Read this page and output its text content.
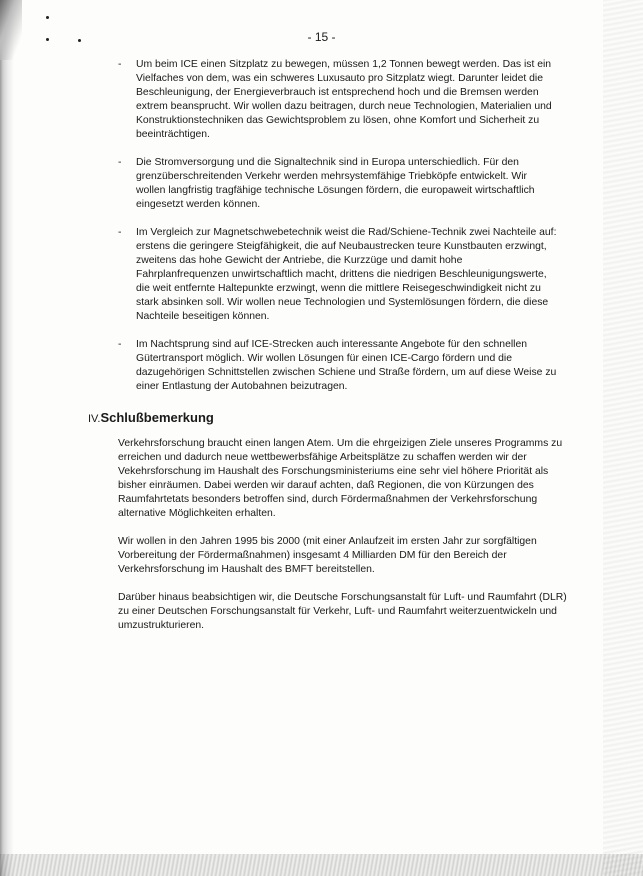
- 15 -
- Um beim ICE einen Sitzplatz zu bewegen, müssen 1,2 Tonnen bewegt werden. Das ist ein Vielfaches von dem, was ein schweres Luxusauto pro Sitzplatz wiegt. Darunter leidet die Beschleunigung, der Energieverbrauch ist entsprechend hoch und die Bremsen werden extrem beansprucht. Wir wollen dazu beitragen, durch neue Technologien, Materialien und Konstruktionstechniken das Gewichtsproblem zu lösen, ohne Komfort und Sicherheit zu beeinträchtigen.
- Die Stromversorgung und die Signaltechnik sind in Europa unterschiedlich. Für den grenzüberschreitenden Verkehr werden mehrsystemfähige Triebköpfe entwickelt. Wir wollen langfristig tragfähige technische Lösungen fördern, die europaweit wirtschaftlich eingesetzt werden können.
- Im Vergleich zur Magnetschwebetechnik weist die Rad/Schiene-Technik zwei Nachteile auf: erstens die geringere Steigfähigkeit, die auf Neubaustrecken teure Kunstbauten erzwingt, zweitens das hohe Gewicht der Antriebe, die Kurzzüge und damit hohe Fahrplanfrequenzen unwirtschaftlich macht, drittens die niedrigen Beschleunigungswerte, die weit entfernte Haltepunkte erzwingt, wenn die mittlere Reisegeschwindigkeit nicht zu stark absinken soll. Wir wollen neue Technologien und Systemlösungen fördern, die diese Nachteile beseitigen können.
- Im Nachtsprung sind auf ICE-Strecken auch interessante Angebote für den schnellen Gütertransport möglich. Wir wollen Lösungen für einen ICE-Cargo fördern und die dazugehörigen Schnittstellen zwischen Schiene und Straße fördern, um auf diese Weise zu einer Entlastung der Autobahnen beizutragen.
IV.Schlußbemerkung

Verkehrsforschung braucht einen langen Atem. Um die ehrgeizigen Ziele unseres Programms zu erreichen und dadurch neue wettbewerbsfähige Arbeitsplätze zu schaffen werden wir der Vekehrsforschung im Haushalt des Forschungsministeriums eine sehr viel höhere Priorität als bisher einräumen. Dabei werden wir darauf achten, daß Regionen, die von Kürzungen des Raumfahrtetats besonders betroffen sind, durch Fördermaßnahmen der Verkehrsforschung alternative Möglichkeiten erhalten.

Wir wollen in den Jahren 1995 bis 2000 (mit einer Anlaufzeit im ersten Jahr zur sorgfältigen Vorbereitung der Fördermaßnahmen) insgesamt 4 Milliarden DM für den Bereich der Verkehrsforschung im Haushalt des BMFT bereitstellen.

Darüber hinaus beabsichtigen wir, die Deutsche Forschungsanstalt für Luft- und Raumfahrt (DLR) zu einer Deutschen Forschungsanstalt für Verkehr, Luft- und Raumfahrt weiterzuentwickeln und umzustrukturieren.
